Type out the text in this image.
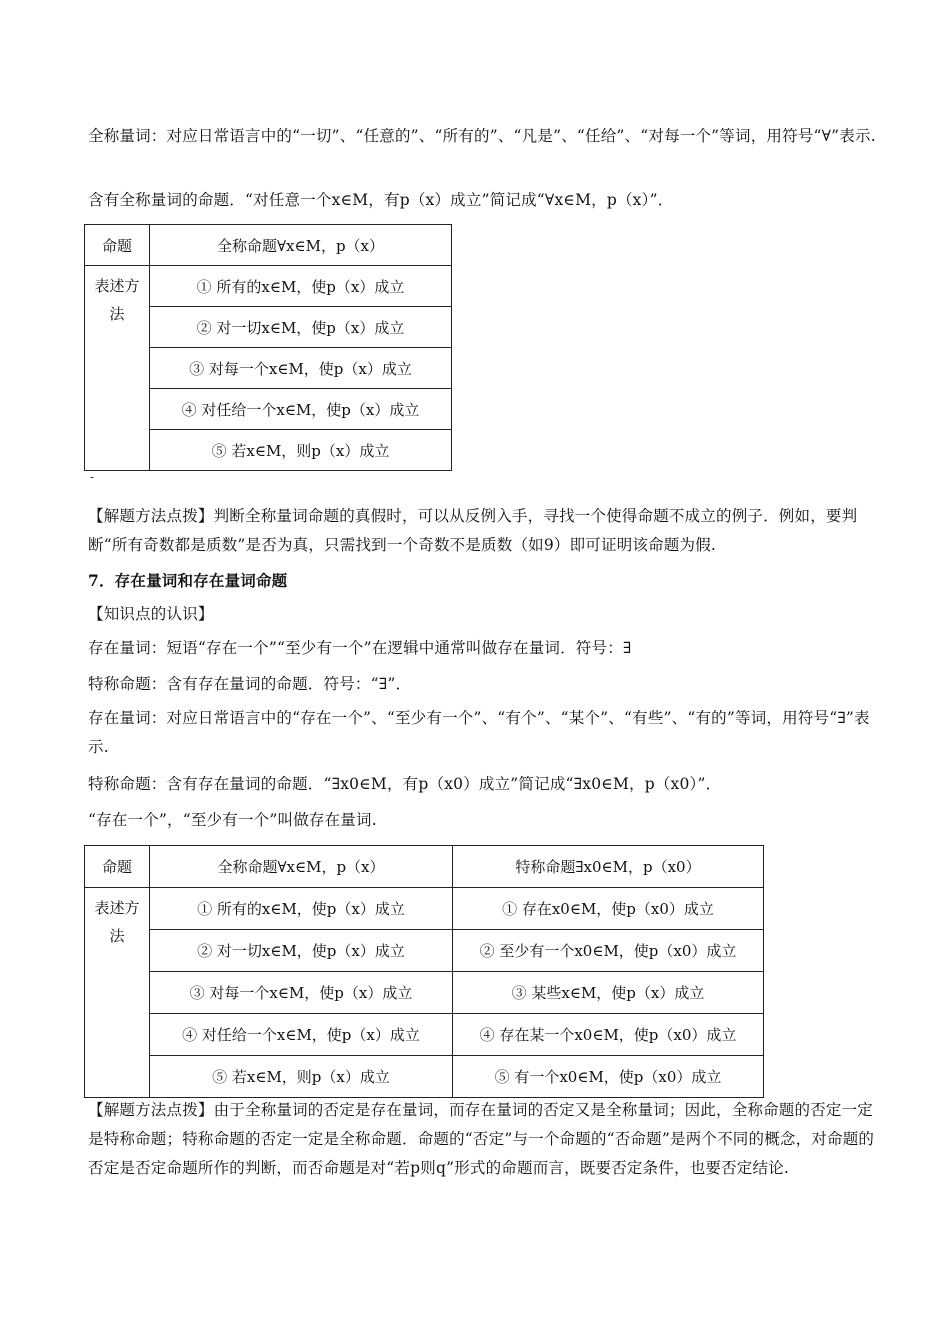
全称量词：对应日常语言中的“一切”、“任意的”、“所有的”、“凡是”、“任给”、“对每一个”等词，用符号“∀”表示.
含有全称量词的命题．“对任意一个x∈M，有p（x）成立”简记成“∀x∈M，p（x）”．
命题	全称命题∀x∈M，p（x）
表述方法	① 所有的x∈M，使p（x）成立
	② 对一切x∈M，使p（x）成立
	③ 对每一个x∈M，使p（x）成立
	④ 对任给一个x∈M，使p（x）成立
	⑤ 若x∈M，则p（x）成立
-
【解题方法点拨】判断全称量词命题的真假时，可以从反例入手，寻找一个使得命题不成立的例子．例如，要判断“所有奇数都是质数”是否为真，只需找到一个奇数不是质数（如9）即可证明该命题为假.
7．存在量词和存在量词命题
【知识点的认识】
存在量词：短语“存在一个”“至少有一个”在逻辑中通常叫做存在量词．符号：∃
特称命题：含有存在量词的命题．符号：“∃”．
存在量词：对应日常语言中的“存在一个”、“至少有一个”、“有个”、“某个”、“有些”、“有的”等词，用符号“∃”表示.
特称命题：含有存在量词的命题．“∃x0∈M，有p（x0）成立”简记成“∃x0∈M，p（x0）”．
“存在一个”，“至少有一个”叫做存在量词.
命题	全称命题∀x∈M，p（x）	特称命题∃x0∈M，p（x0）
表述方法	① 所有的x∈M，使p（x）成立	① 存在x0∈M，使p（x0）成立
	② 对一切x∈M，使p（x）成立	② 至少有一个x0∈M，使p（x0）成立
	③ 对每一个x∈M，使p（x）成立	③ 某些x∈M，使p（x）成立
	④ 对任给一个x∈M，使p（x）成立	④ 存在某一个x0∈M，使p（x0）成立
	⑤ 若x∈M，则p（x）成立	⑤ 有一个x0∈M，使p（x0）成立
【解题方法点拨】由于全称量词的否定是存在量词，而存在量词的否定又是全称量词；因此，全称命题的否定一定是特称命题；特称命题的否定一定是全称命题．命题的“否定”与一个命题的“否命题”是两个不同的概念，对命题的否定是否定命题所作的判断，而否命题是对“若p则q”形式的命题而言，既要否定条件，也要否定结论.
